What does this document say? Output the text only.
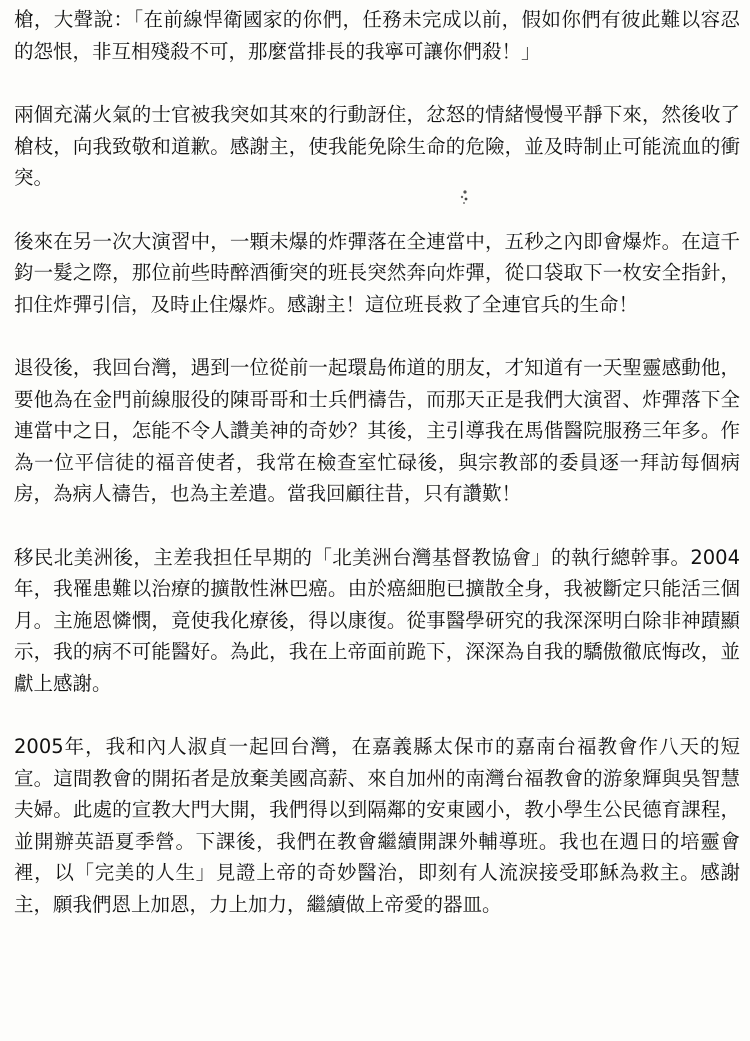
槍，大聲說：「在前線悍衛國家的你們，任務未完成以前，假如你們有彼此難以容忍的怨恨，非互相殘殺不可，那麼當排長的我寧可讓你們殺！」

兩個充滿火氣的士官被我突如其來的行動訝住，忿怒的情緒慢慢平靜下來，然後收了槍枝，向我致敬和道歉。感謝主，使我能免除生命的危險，並及時制止可能流血的衝突。

後來在另一次大演習中，一顆未爆的炸彈落在全連當中，五秒之內即會爆炸。在這千鈞一髮之際，那位前些時醉酒衝突的班長突然奔向炸彈，從口袋取下一枚安全指針，扣住炸彈引信，及時止住爆炸。感謝主！這位班長救了全連官兵的生命！

退役後，我回台灣，遇到一位從前一起環島佈道的朋友，才知道有一天聖靈感動他，要他為在金門前線服役的陳哥哥和士兵們禱告，而那天正是我們大演習、炸彈落下全連當中之日，怎能不令人讚美神的奇妙？其後，主引導我在馬偕醫院服務三年多。作為一位平信徒的福音使者，我常在檢查室忙碌後，與宗教部的委員逐一拜訪每個病房，為病人禱告，也為主差遣。當我回顧往昔，只有讚歎！

移民北美洲後，主差我担任早期的「北美洲台灣基督教協會」的執行總幹事。2004年，我罹患難以治療的擴散性淋巴癌。由於癌細胞已擴散全身，我被斷定只能活三個月。主施恩憐憫，竟使我化療後，得以康復。從事醫學研究的我深深明白除非神蹟顯示，我的病不可能醫好。為此，我在上帝面前跪下，深深為自我的驕傲徹底悔改，並獻上感謝。

2005年，我和內人淑貞一起回台灣，在嘉義縣太保市的嘉南台福教會作八天的短宣。這間教會的開拓者是放棄美國高薪、來自加州的南灣台福教會的游象輝與吳智慧夫婦。此處的宣教大門大開，我們得以到隔鄰的安東國小，教小學生公民德育課程，並開辦英語夏季營。下課後，我們在教會繼續開課外輔導班。我也在週日的培靈會裡，以「完美的人生」見證上帝的奇妙醫治，即刻有人流淚接受耶穌為救主。感謝主，願我們恩上加恩，力上加力，繼續做上帝愛的器皿。
